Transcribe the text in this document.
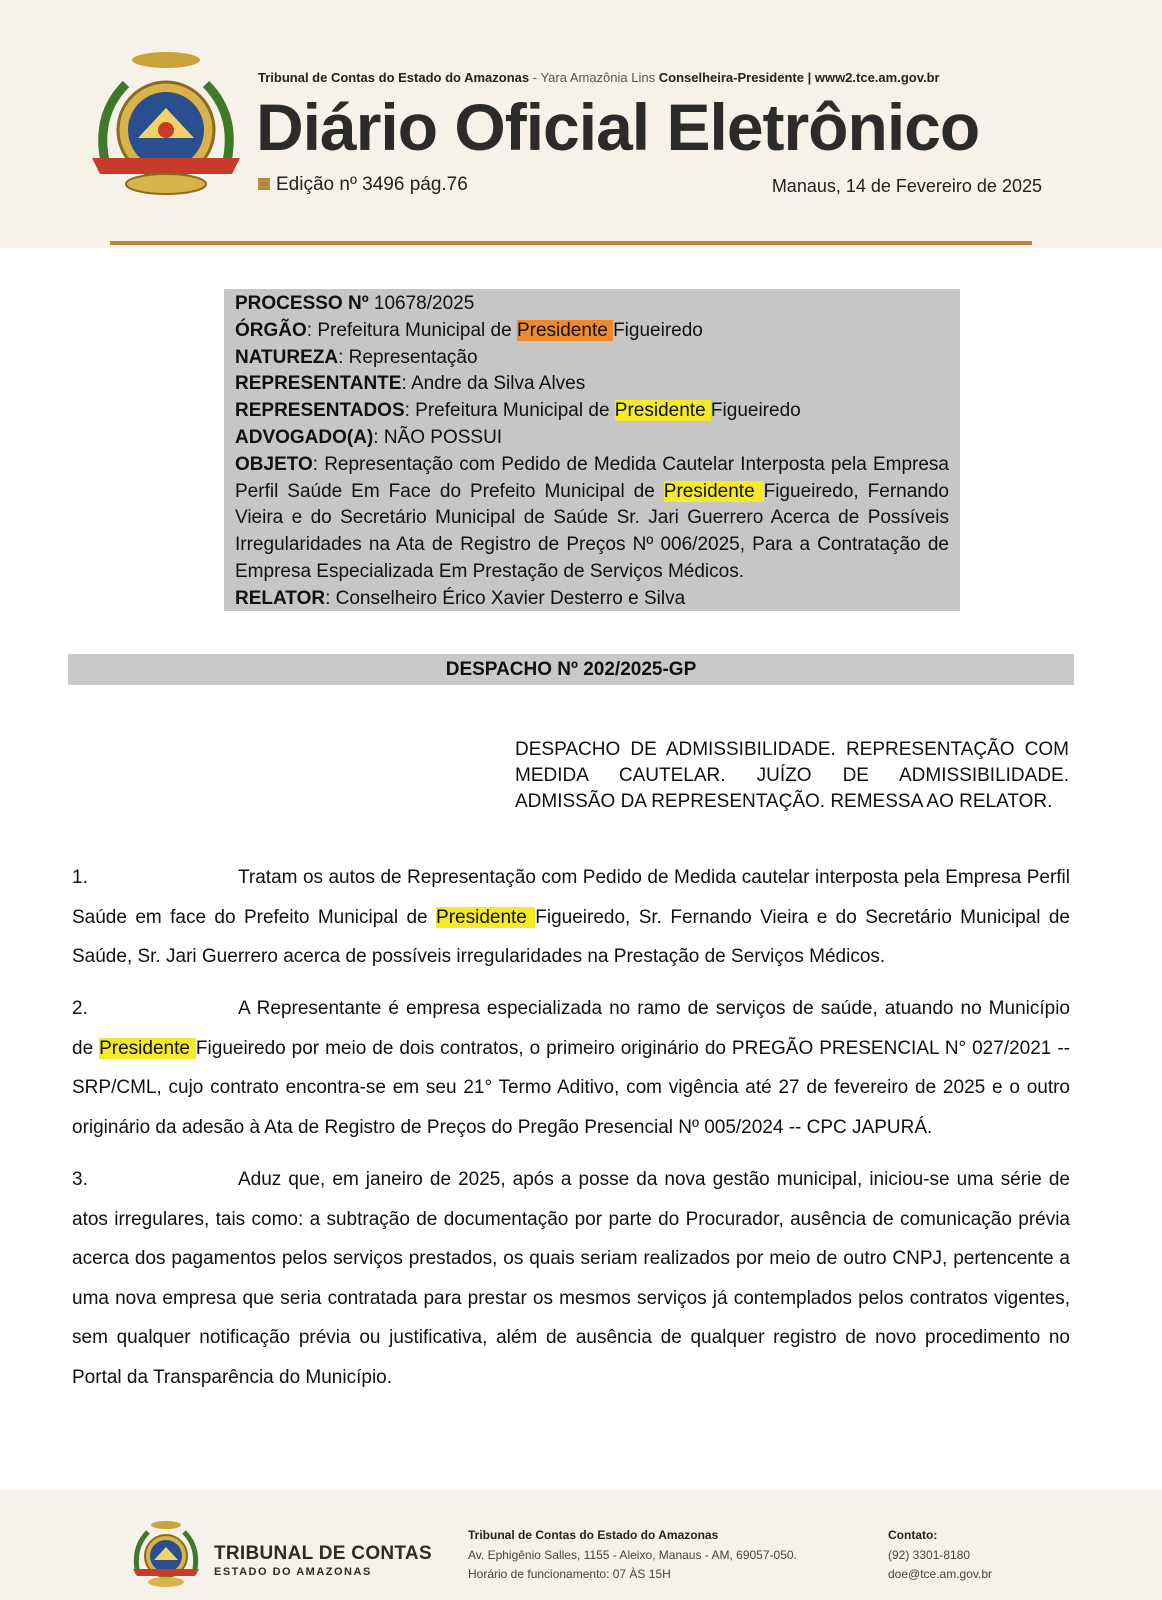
Tribunal de Contas do Estado do Amazonas - Yara Amazônia Lins Conselheira-Presidente | www2.tce.am.gov.br
Diário Oficial Eletrônico
Edição nº 3496 pág.76	Manaus, 14 de Fevereiro de 2025
PROCESSO Nº 10678/2025
ÓRGÃO: Prefeitura Municipal de Presidente Figueiredo
NATUREZA: Representação
REPRESENTANTE: Andre da Silva Alves
REPRESENTADOS: Prefeitura Municipal de Presidente Figueiredo
ADVOGADO(A): NÃO POSSUI
OBJETO: Representação com Pedido de Medida Cautelar Interposta pela Empresa Perfil Saúde Em Face do Prefeito Municipal de Presidente Figueiredo, Fernando Vieira e do Secretário Municipal de Saúde Sr. Jari Guerrero Acerca de Possíveis Irregularidades na Ata de Registro de Preços Nº 006/2025, Para a Contratação de Empresa Especializada Em Prestação de Serviços Médicos.
RELATOR: Conselheiro Érico Xavier Desterro e Silva
DESPACHO Nº 202/2025-GP
DESPACHO DE ADMISSIBILIDADE. REPRESENTAÇÃO COM MEDIDA CAUTELAR. JUÍZO DE ADMISSIBILIDADE. ADMISSÃO DA REPRESENTAÇÃO. REMESSA AO RELATOR.
1.	Tratam os autos de Representação com Pedido de Medida cautelar interposta pela Empresa Perfil Saúde em face do Prefeito Municipal de Presidente Figueiredo, Sr. Fernando Vieira e do Secretário Municipal de Saúde, Sr. Jari Guerrero acerca de possíveis irregularidades na Prestação de Serviços Médicos.
2.	A Representante é empresa especializada no ramo de serviços de saúde, atuando no Município de Presidente Figueiredo por meio de dois contratos, o primeiro originário do PREGÃO PRESENCIAL N° 027/2021 -- SRP/CML, cujo contrato encontra-se em seu 21° Termo Aditivo, com vigência até 27 de fevereiro de 2025 e o outro originário da adesão à Ata de Registro de Preços do Pregão Presencial Nº 005/2024 -- CPC JAPURÁ.
3.	Aduz que, em janeiro de 2025, após a posse da nova gestão municipal, iniciou-se uma série de atos irregulares, tais como: a subtração de documentação por parte do Procurador, ausência de comunicação prévia acerca dos pagamentos pelos serviços prestados, os quais seriam realizados por meio de outro CNPJ, pertencente a uma nova empresa que seria contratada para prestar os mesmos serviços já contemplados pelos contratos vigentes, sem qualquer notificação prévia ou justificativa, além de ausência de qualquer registro de novo procedimento no Portal da Transparência do Município.
TRIBUNAL DE CONTAS
ESTADO DO AMAZONAS
Tribunal de Contas do Estado do Amazonas
Av. Ephigênio Salles, 1155 - Aleixo, Manaus - AM, 69057-050.
Horário de funcionamento: 07 ÀS 15H
Contato:
(92) 3301-8180
doe@tce.am.gov.br
